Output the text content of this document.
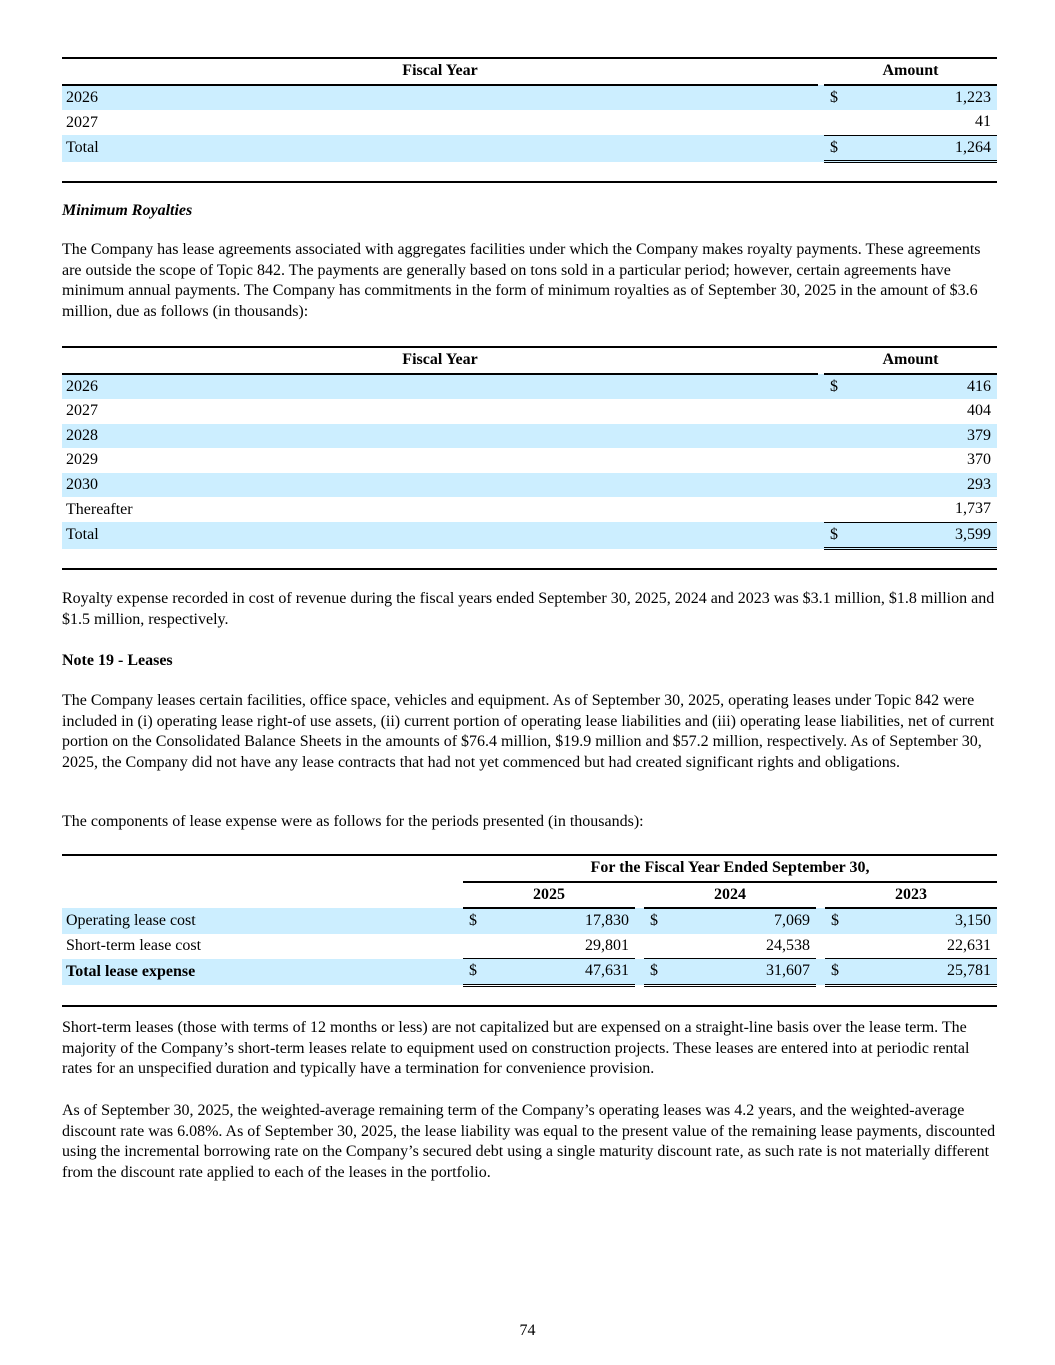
Fiscal Year		Amount
2026		$ 1,223

2027		41

Total		$ 1,264

Minimum Royalties

The Company has lease agreements associated with aggregates facilities under which the Company makes royalty payments. These agreements are outside the scope of Topic 842. The payments are generally based on tons sold in a particular period; however, certain agreements have minimum annual payments. The Company has commitments in the form of minimum royalties as of September 30, 2025 in the amount of $3.6 million, due as follows (in thousands):

Fiscal Year		Amount
2026		$ 416

2027		404

2028		379

2029		370

2030		293

Thereafter		1,737

Total		$ 3,599

Royalty expense recorded in cost of revenue during the fiscal years ended September 30, 2025, 2024 and 2023 was $3.1 million, $1.8 million and $1.5 million, respectively.

Note 19 - Leases

The Company leases certain facilities, office space, vehicles and equipment. As of September 30, 2025, operating leases under Topic 842 were included in (i) operating lease right-of use assets, (ii) current portion of operating lease liabilities and (iii) operating lease liabilities, net of current portion on the Consolidated Balance Sheets in the amounts of $76.4 million, $19.9 million and $57.2 million, respectively. As of September 30, 2025, the Company did not have any lease contracts that had not yet commenced but had created significant rights and obligations.

The components of lease expense were as follows for the periods presented (in thousands):

	For the Fiscal Year Ended September 30,				
	2025		2024		2023
Operating lease cost	$ 17,830		$ 7,069		$ 3,150

Short-term lease cost	29,801		24,538		22,631

Total lease expense	$ 47,631		$ 31,607		$ 25,781

Short-term leases (those with terms of 12 months or less) are not capitalized but are expensed on a straight-line basis over the lease term. The majority of the Company’s short-term leases relate to equipment used on construction projects. These leases are entered into at periodic rental rates for an unspecified duration and typically have a termination for convenience provision.

As of September 30, 2025, the weighted-average remaining term of the Company’s operating leases was 4.2 years, and the weighted-average discount rate was 6.08%. As of September 30, 2025, the lease liability was equal to the present value of the remaining lease payments, discounted using the incremental borrowing rate on the Company’s secured debt using a single maturity discount rate, as such rate is not materially different from the discount rate applied to each of the leases in the portfolio.

74
